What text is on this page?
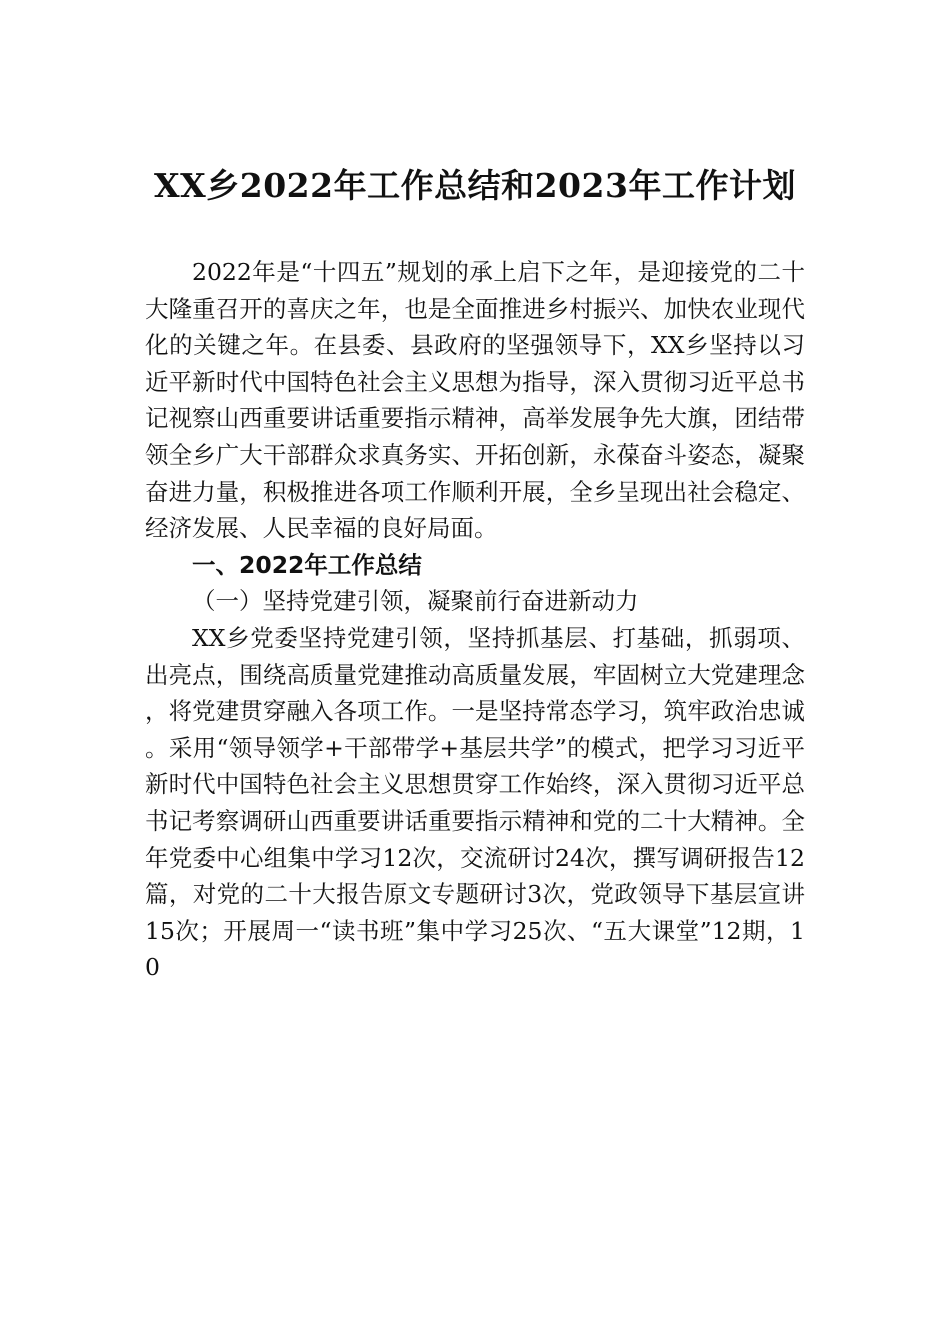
XX乡2022年工作总结和2023年工作计划

2022年是“十四五”规划的承上启下之年，是迎接党的二十大隆重召开的喜庆之年，也是全面推进乡村振兴、加快农业现代化的关键之年。在县委、县政府的坚强领导下，XX乡坚持以习近平新时代中国特色社会主义思想为指导，深入贯彻习近平总书记视察山西重要讲话重要指示精神，高举发展争先大旗，团结带领全乡广大干部群众求真务实、开拓创新，永葆奋斗姿态，凝聚奋进力量，积极推进各项工作顺利开展，全乡呈现出社会稳定、经济发展、人民幸福的良好局面。

一、2022年工作总结

（一）坚持党建引领，凝聚前行奋进新动力

XX乡党委坚持党建引领，坚持抓基层、打基础，抓弱项、出亮点，围绕高质量党建推动高质量发展，牢固树立大党建理念，将党建贯穿融入各项工作。一是坚持常态学习，筑牢政治忠诚。采用“领导领学+干部带学+基层共学”的模式，把学习习近平新时代中国特色社会主义思想贯穿工作始终，深入贯彻习近平总书记考察调研山西重要讲话重要指示精神和党的二十大精神。全年党委中心组集中学习12次，交流研讨24次，撰写调研报告12篇，对党的二十大报告原文专题研讨3次，党政领导下基层宣讲15次；开展周一“读书班”集中学习25次、“五大课堂”12期，10
